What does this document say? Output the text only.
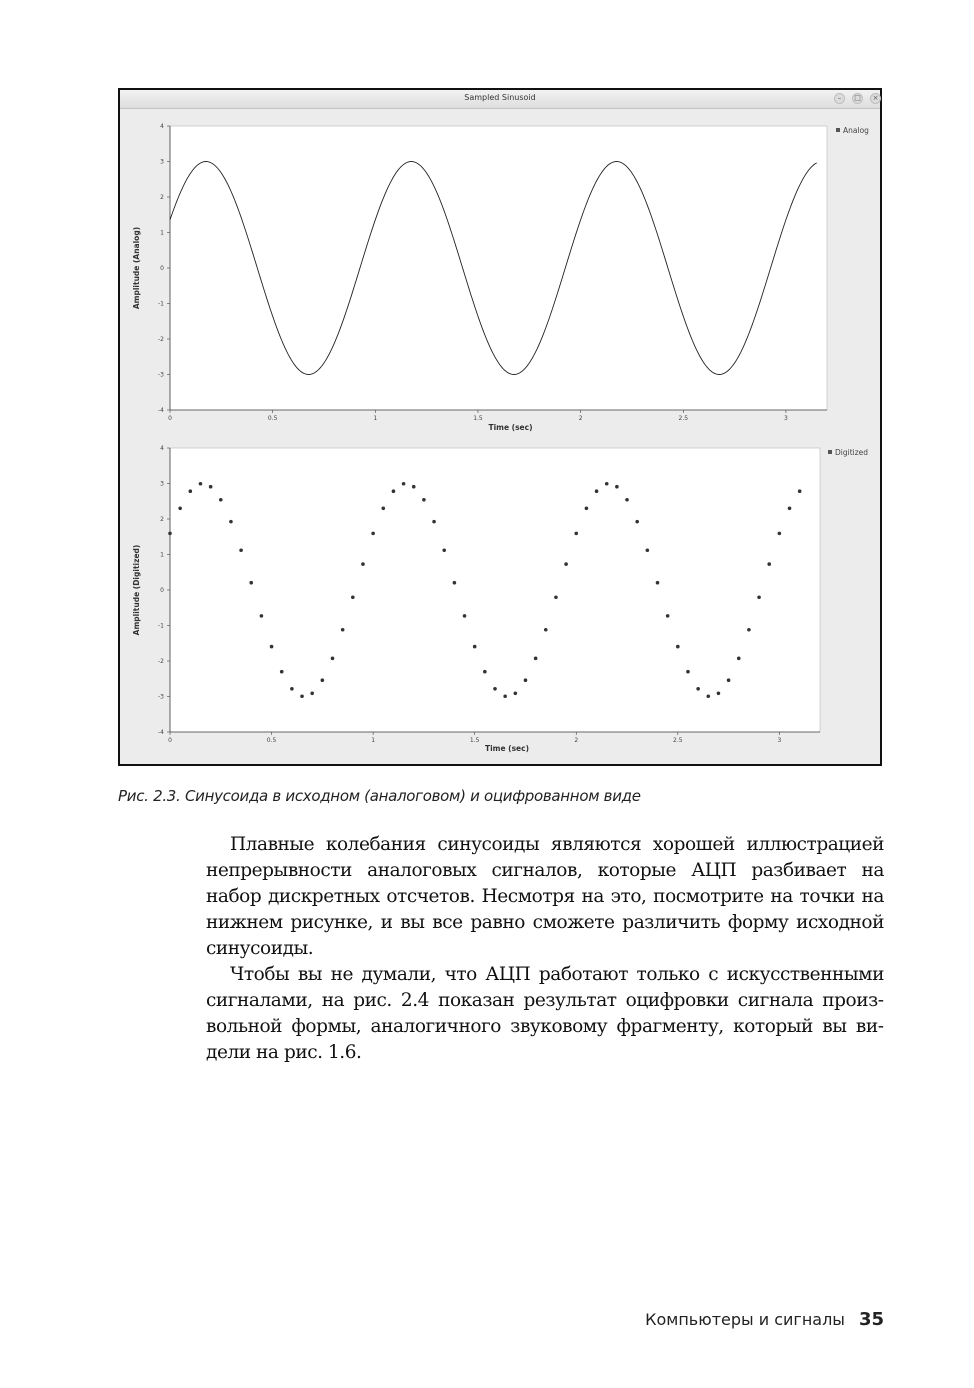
Sampled Sinusoid	–	□	×
4
3
2
1
0
-1
-2
-3
-4
0	0.5	1	1.5	2	2.5	3
Time (sec)
Amplitude (Analog)
Analog
4
3
2
1
0
-1
-2
-3
-4
0	0.5	1	1.5	2	2.5	3
Time (sec)
Amplitude (Digitized)
Digitized
Рис. 2.3. Синусоида в исходном (аналоговом) и оцифрованном виде

Плавные колебания синусоиды являются хорошей иллюстрацией непрерывности аналоговых сигналов, которые АЦП разбивает на набор дискретных отсчетов. Несмотря на это, посмотрите на точки на нижнем рисунке, и вы все равно сможете различить форму исходной синусоиды.

Чтобы вы не думали, что АЦП работают только с искусственными сигналами, на рис. 2.4 показан результат оцифровки сигнала произвольной формы, аналогичного звуковому фрагменту, который вы видели на рис. 1.6.

Компьютеры и сигналы 35
